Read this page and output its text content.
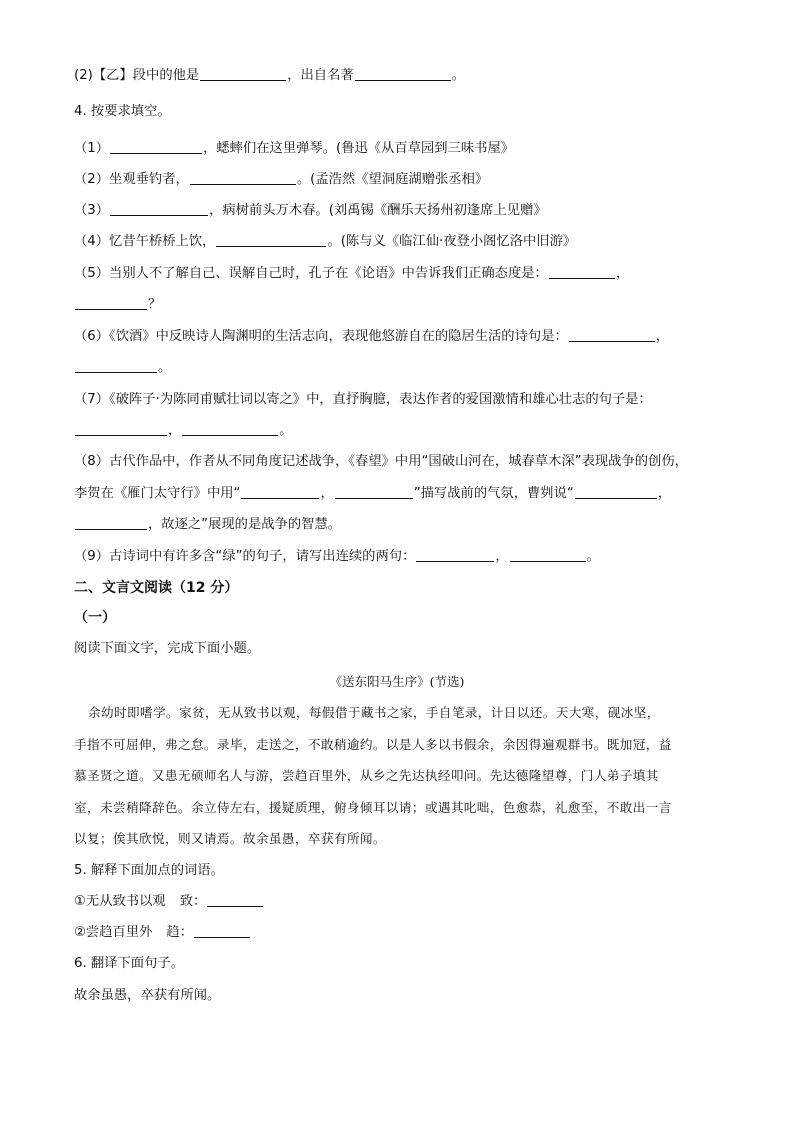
(2)【乙】段中的他是	，出自名著	。
4. 按要求填空。
（1）	，蟋蟀们在这里弹琴。(鲁迅《从百草园到三味书屋》
（2）坐观垂钓者，	。(孟浩然《望洞庭湖赠张丞相》
（3）	，病树前头万木春。(刘禹锡《酬乐天扬州初逢席上见赠》
（4）忆昔午桥桥上饮，	。(陈与义《临江仙·夜登小阁忆洛中旧游》
（5）当别人不了解自己、误解自己时，孔子在《论语》中告诉我们正确态度是：	，
？
（6）《饮酒》中反映诗人陶渊明的生活志向，表现他悠游自在的隐居生活的诗句是：	，
。
（7）《破阵子·为陈同甫赋壮词以寄之》中，直抒胸臆，表达作者的爱国激情和雄心壮志的句子是：
，	。
（8）古代作品中，作者从不同角度记述战争，《春望》中用“国破山河在，城春草木深”表现战争的创伤，
李贺在《雁门太守行》中用“	，	”描写战前的气氛，曹刿说“	，
，故逐之”展现的是战争的智慧。
（9）古诗词中有许多含“绿”的句子，请写出连续的两句：	，	。
二、文言文阅读（12 分）
（一）
阅读下面文字，完成下面小题。
《送东阳马生序》(节选)
余幼时即嗜学。家贫，无从致书以观，每假借于藏书之家，手自笔录，计日以还。天大寒，砚冰坚，
手指不可屈伸，弗之怠。录毕，走送之，不敢稍逾约。以是人多以书假余，余因得遍观群书。既加冠，益
慕圣贤之道。又患无硕师名人与游，尝趋百里外，从乡之先达执经叩问。先达德隆望尊，门人弟子填其
室，未尝稍降辞色。余立侍左右，援疑质理，俯身倾耳以请；或遇其叱咄，色愈恭，礼愈至，不敢出一言
以复；俟其欣悦，则又请焉。故余虽愚，卒获有所闻。
5. 解释下面加点的词语。
①无从致书以观 致：
②尝趋百里外 趋：
6. 翻译下面句子。
故余虽愚，卒获有所闻。
